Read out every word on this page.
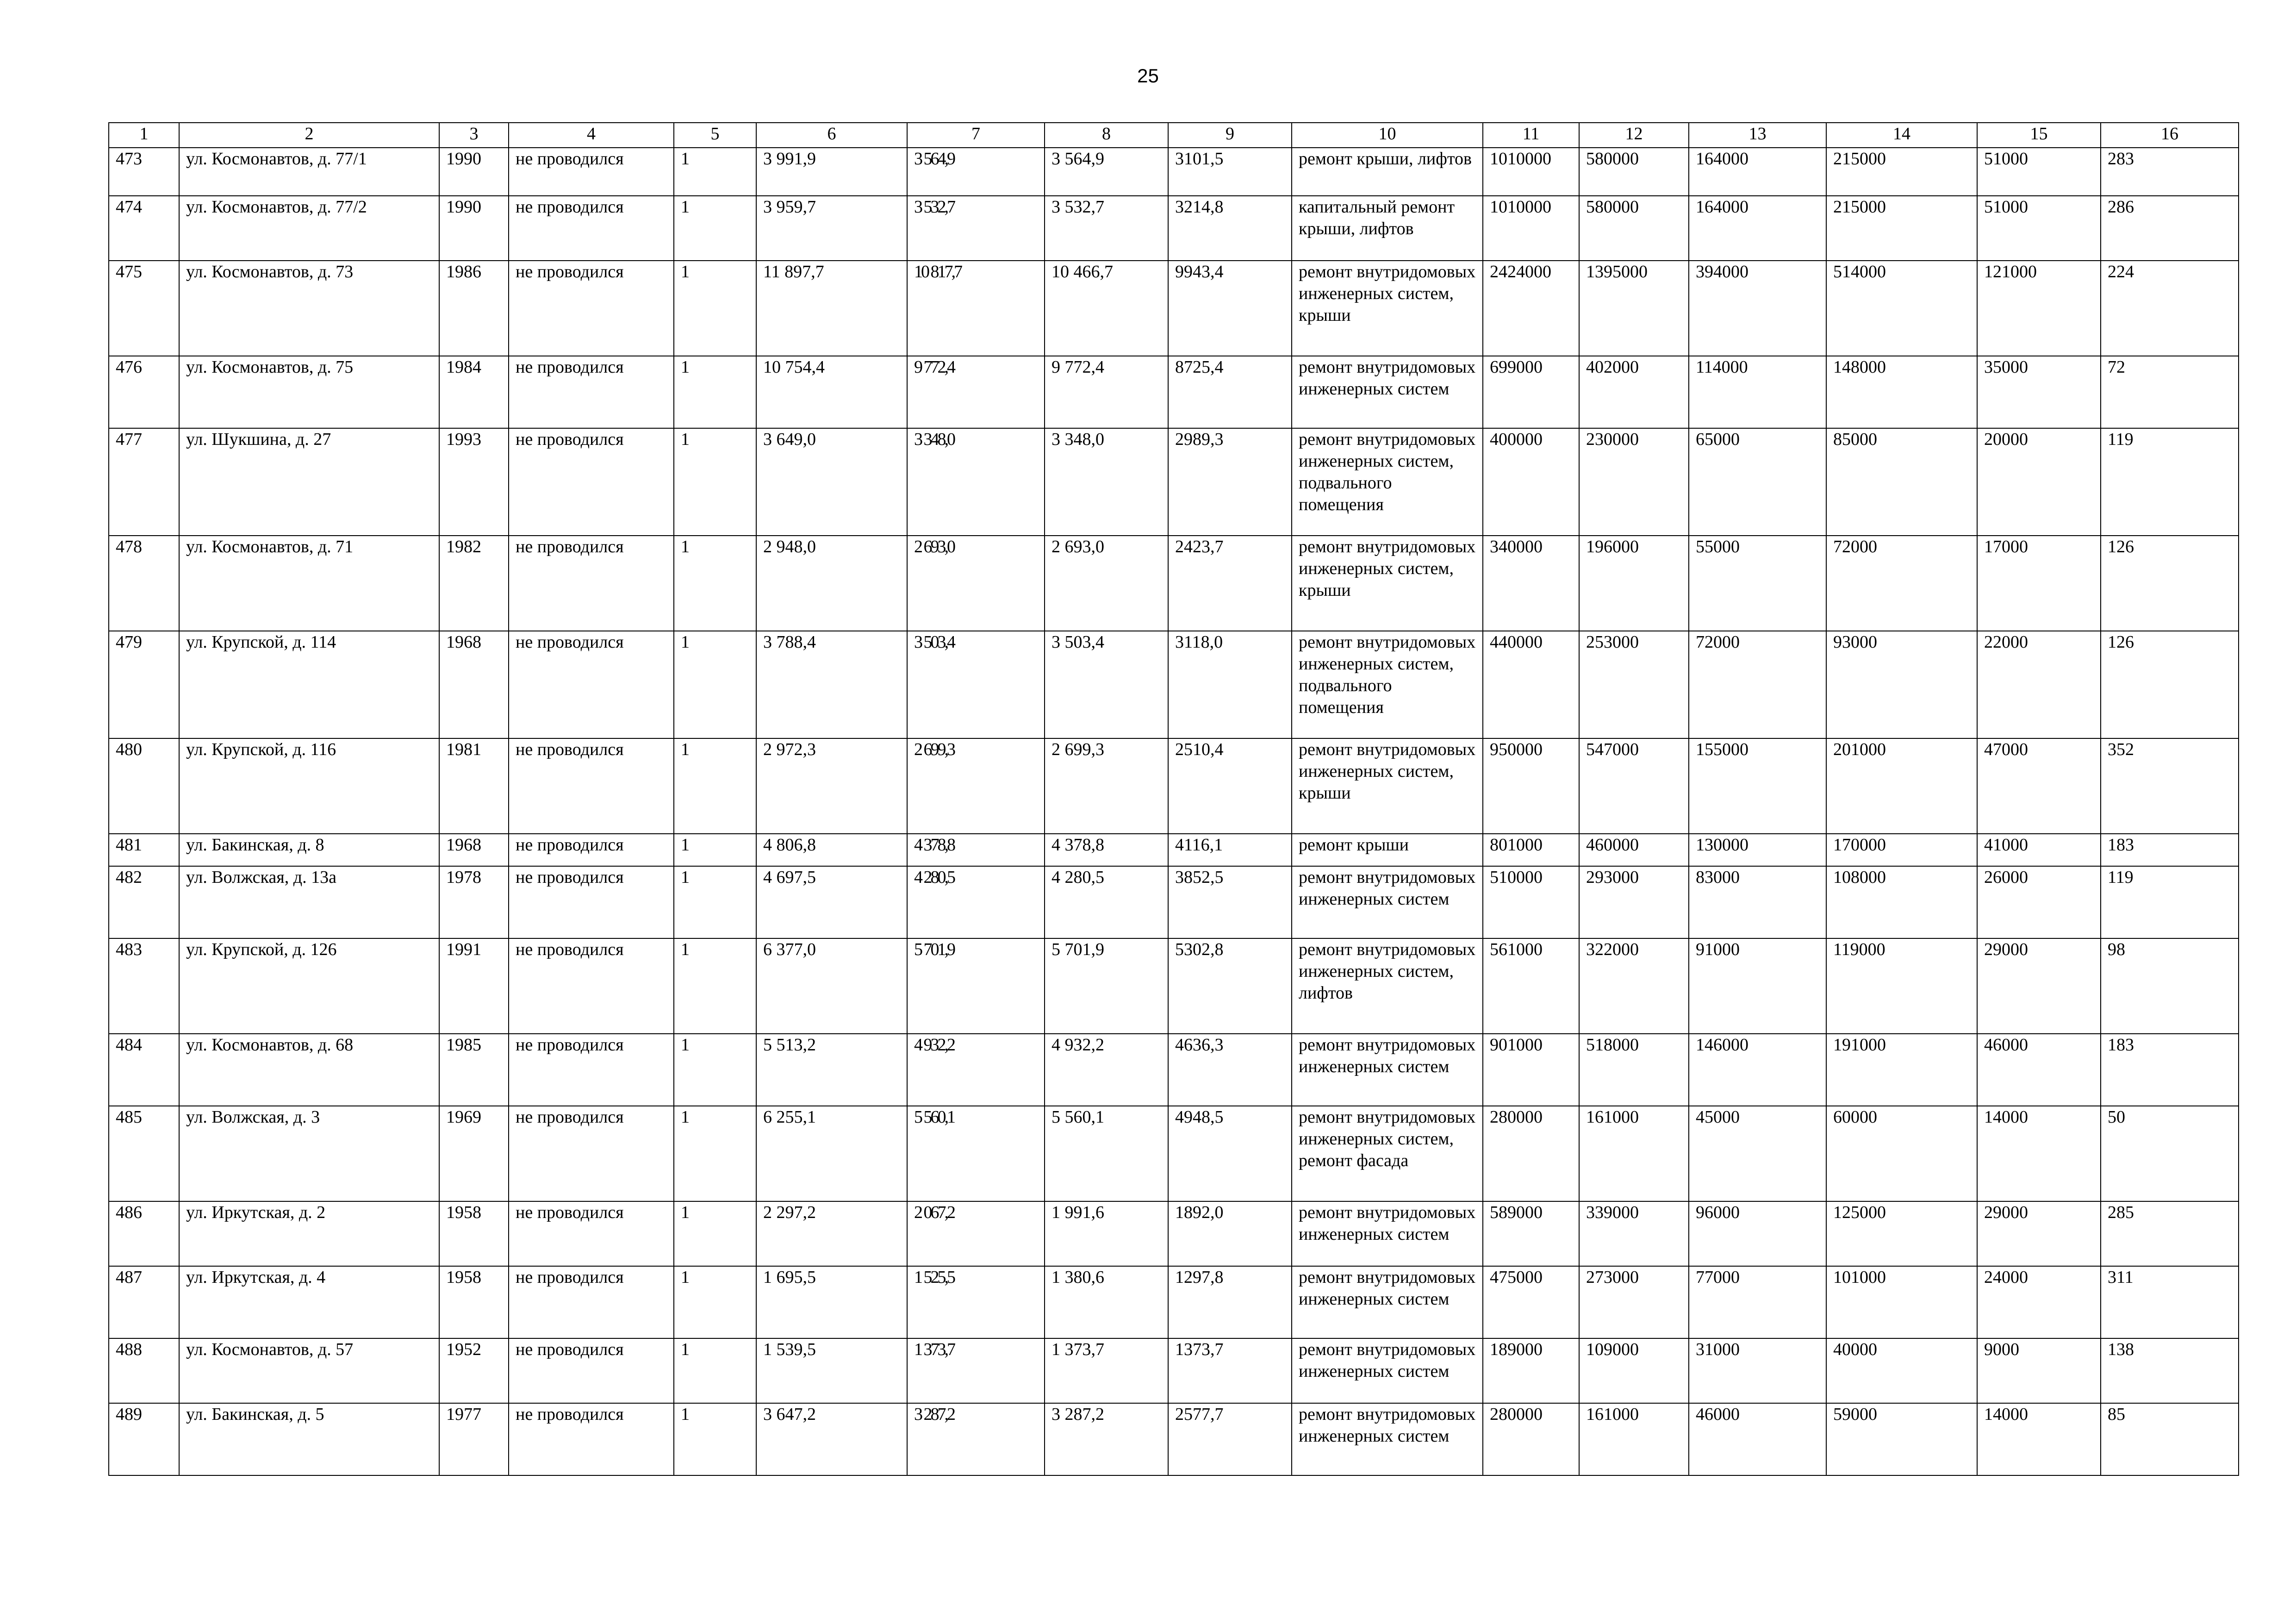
25
1	2	3	4	5	6	7	8	9	10	11	12	13	14	15	16
473	ул. Космонавтов, д. 77/1	1990	не проводился	1	3 991,9	3 564,9	3 564,9	3101,5	ремонт крыши, лифтов	1010000	580000	164000	215000	51000	283
474	ул. Космонавтов, д. 77/2	1990	не проводился	1	3 959,7	3 532,7	3 532,7	3214,8	капитальный ремонт крыши, лифтов	1010000	580000	164000	215000	51000	286
475	ул. Космонавтов, д. 73	1986	не проводился	1	11 897,7	10 817,7	10 466,7	9943,4	ремонт внутридомовых инженерных систем, крыши	2424000	1395000	394000	514000	121000	224
476	ул. Космонавтов, д. 75	1984	не проводился	1	10 754,4	9 772,4	9 772,4	8725,4	ремонт внутридомовых инженерных систем	699000	402000	114000	148000	35000	72
477	ул. Шукшина, д. 27	1993	не проводился	1	3 649,0	3 348,0	3 348,0	2989,3	ремонт внутридомовых инженерных систем, подвального помещения	400000	230000	65000	85000	20000	119
478	ул. Космонавтов, д. 71	1982	не проводился	1	2 948,0	2 693,0	2 693,0	2423,7	ремонт внутридомовых инженерных систем, крыши	340000	196000	55000	72000	17000	126
479	ул. Крупской, д. 114	1968	не проводился	1	3 788,4	3 503,4	3 503,4	3118,0	ремонт внутридомовых инженерных систем, подвального помещения	440000	253000	72000	93000	22000	126
480	ул. Крупской, д. 116	1981	не проводился	1	2 972,3	2 699,3	2 699,3	2510,4	ремонт внутридомовых инженерных систем, крыши	950000	547000	155000	201000	47000	352
481	ул. Бакинская, д. 8	1968	не проводился	1	4 806,8	4 378,8	4 378,8	4116,1	ремонт крыши	801000	460000	130000	170000	41000	183
482	ул. Волжская, д. 13а	1978	не проводился	1	4 697,5	4 280,5	4 280,5	3852,5	ремонт внутридомовых инженерных систем	510000	293000	83000	108000	26000	119
483	ул. Крупской, д. 126	1991	не проводился	1	6 377,0	5 701,9	5 701,9	5302,8	ремонт внутридомовых инженерных систем, лифтов	561000	322000	91000	119000	29000	98
484	ул. Космонавтов, д. 68	1985	не проводился	1	5 513,2	4 932,2	4 932,2	4636,3	ремонт внутридомовых инженерных систем	901000	518000	146000	191000	46000	183
485	ул. Волжская, д. 3	1969	не проводился	1	6 255,1	5 560,1	5 560,1	4948,5	ремонт внутридомовых инженерных систем, ремонт фасада	280000	161000	45000	60000	14000	50
486	ул. Иркутская, д. 2	1958	не проводился	1	2 297,2	2 067,2	1 991,6	1892,0	ремонт внутридомовых инженерных систем	589000	339000	96000	125000	29000	285
487	ул. Иркутская, д. 4	1958	не проводился	1	1 695,5	1 525,5	1 380,6	1297,8	ремонт внутридомовых инженерных систем	475000	273000	77000	101000	24000	311
488	ул. Космонавтов, д. 57	1952	не проводился	1	1 539,5	1 373,7	1 373,7	1373,7	ремонт внутридомовых инженерных систем	189000	109000	31000	40000	9000	138
489	ул. Бакинская, д. 5	1977	не проводился	1	3 647,2	3 287,2	3 287,2	2577,7	ремонт внутридомовых инженерных систем	280000	161000	46000	59000	14000	85
